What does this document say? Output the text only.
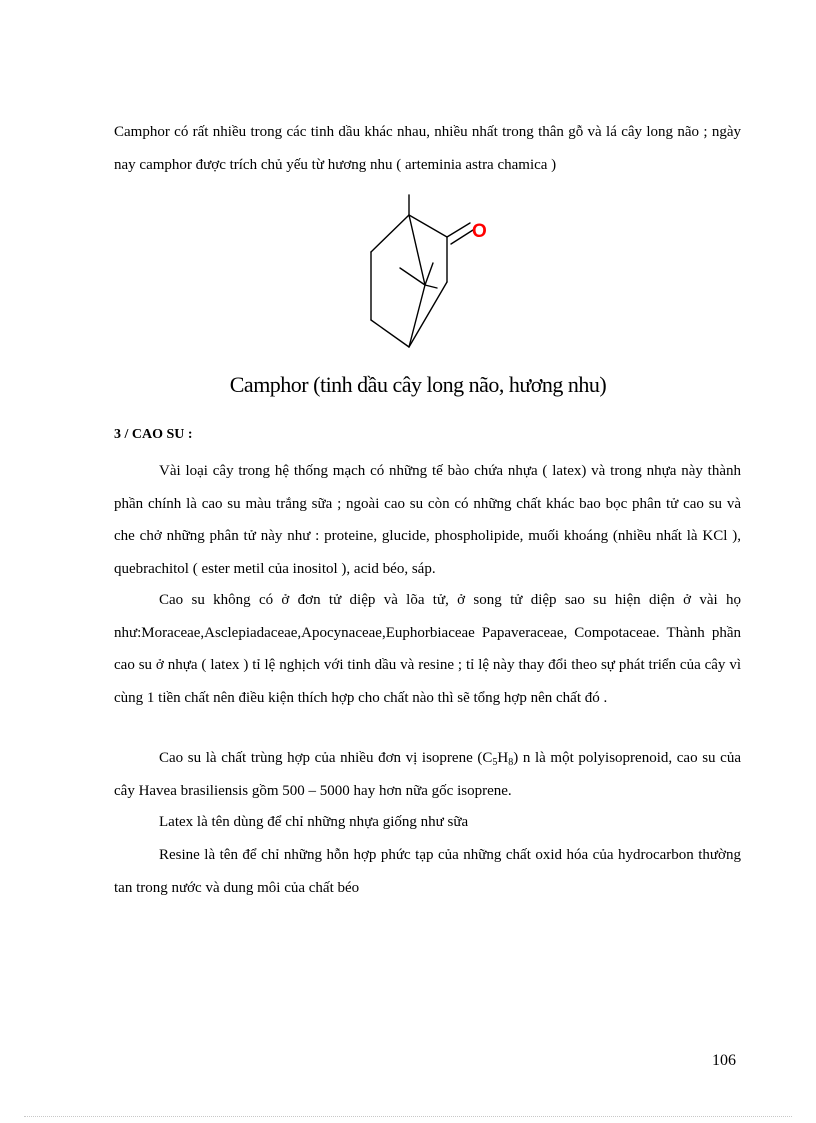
Camphor có rất nhiều trong các tinh dầu khác nhau, nhiều nhất trong thân gỗ và lá cây long não ; ngày nay camphor được trích chủ yếu từ hương nhu ( arteminia astra chamica )

O
Camphor (tinh dầu cây long não, hương nhu)
3 / CAO SU :

Vài loại cây trong hệ thống mạch có những tế bào chứa nhựa ( latex) và trong nhựa này thành phần chính là cao su màu trắng sữa ; ngoài cao su còn có những chất khác bao bọc phân tử cao su và che chở những phân tử này như : proteine, glucide, phospholipide, muối khoáng (nhiều nhất là KCl ), quebrachitol ( ester metil của inositol ), acid béo, sáp.

Cao su không có ở đơn tử diệp và lõa tử, ở song tử diệp sao su hiện diện ở vài họ như:Moraceae,Asclepiadaceae,Apocynaceae,Euphorbiaceae Papaveraceae, Compotaceae. Thành phần cao su ở nhựa ( latex ) tỉ lệ nghịch với tinh dầu và resine ; tỉ lệ này thay đổi theo sự phát triển của cây vì cùng 1 tiền chất nên điều kiện thích hợp cho chất nào thì sẽ tổng hợp nên chất đó .

Cao su là chất trùng hợp của nhiều đơn vị isoprene $(C_5H_8)$ n là một polyisoprenoid, cao su của cây Havea brasiliensis gồm 500 – 5000 hay hơn nữa gốc isoprene.

Latex là tên dùng để chỉ những nhựa giống như sữa

Resine là tên để chỉ những hỗn hợp phức tạp của những chất oxid hóa của hydrocarbon thường tan trong nước và dung môi của chất béo

106
